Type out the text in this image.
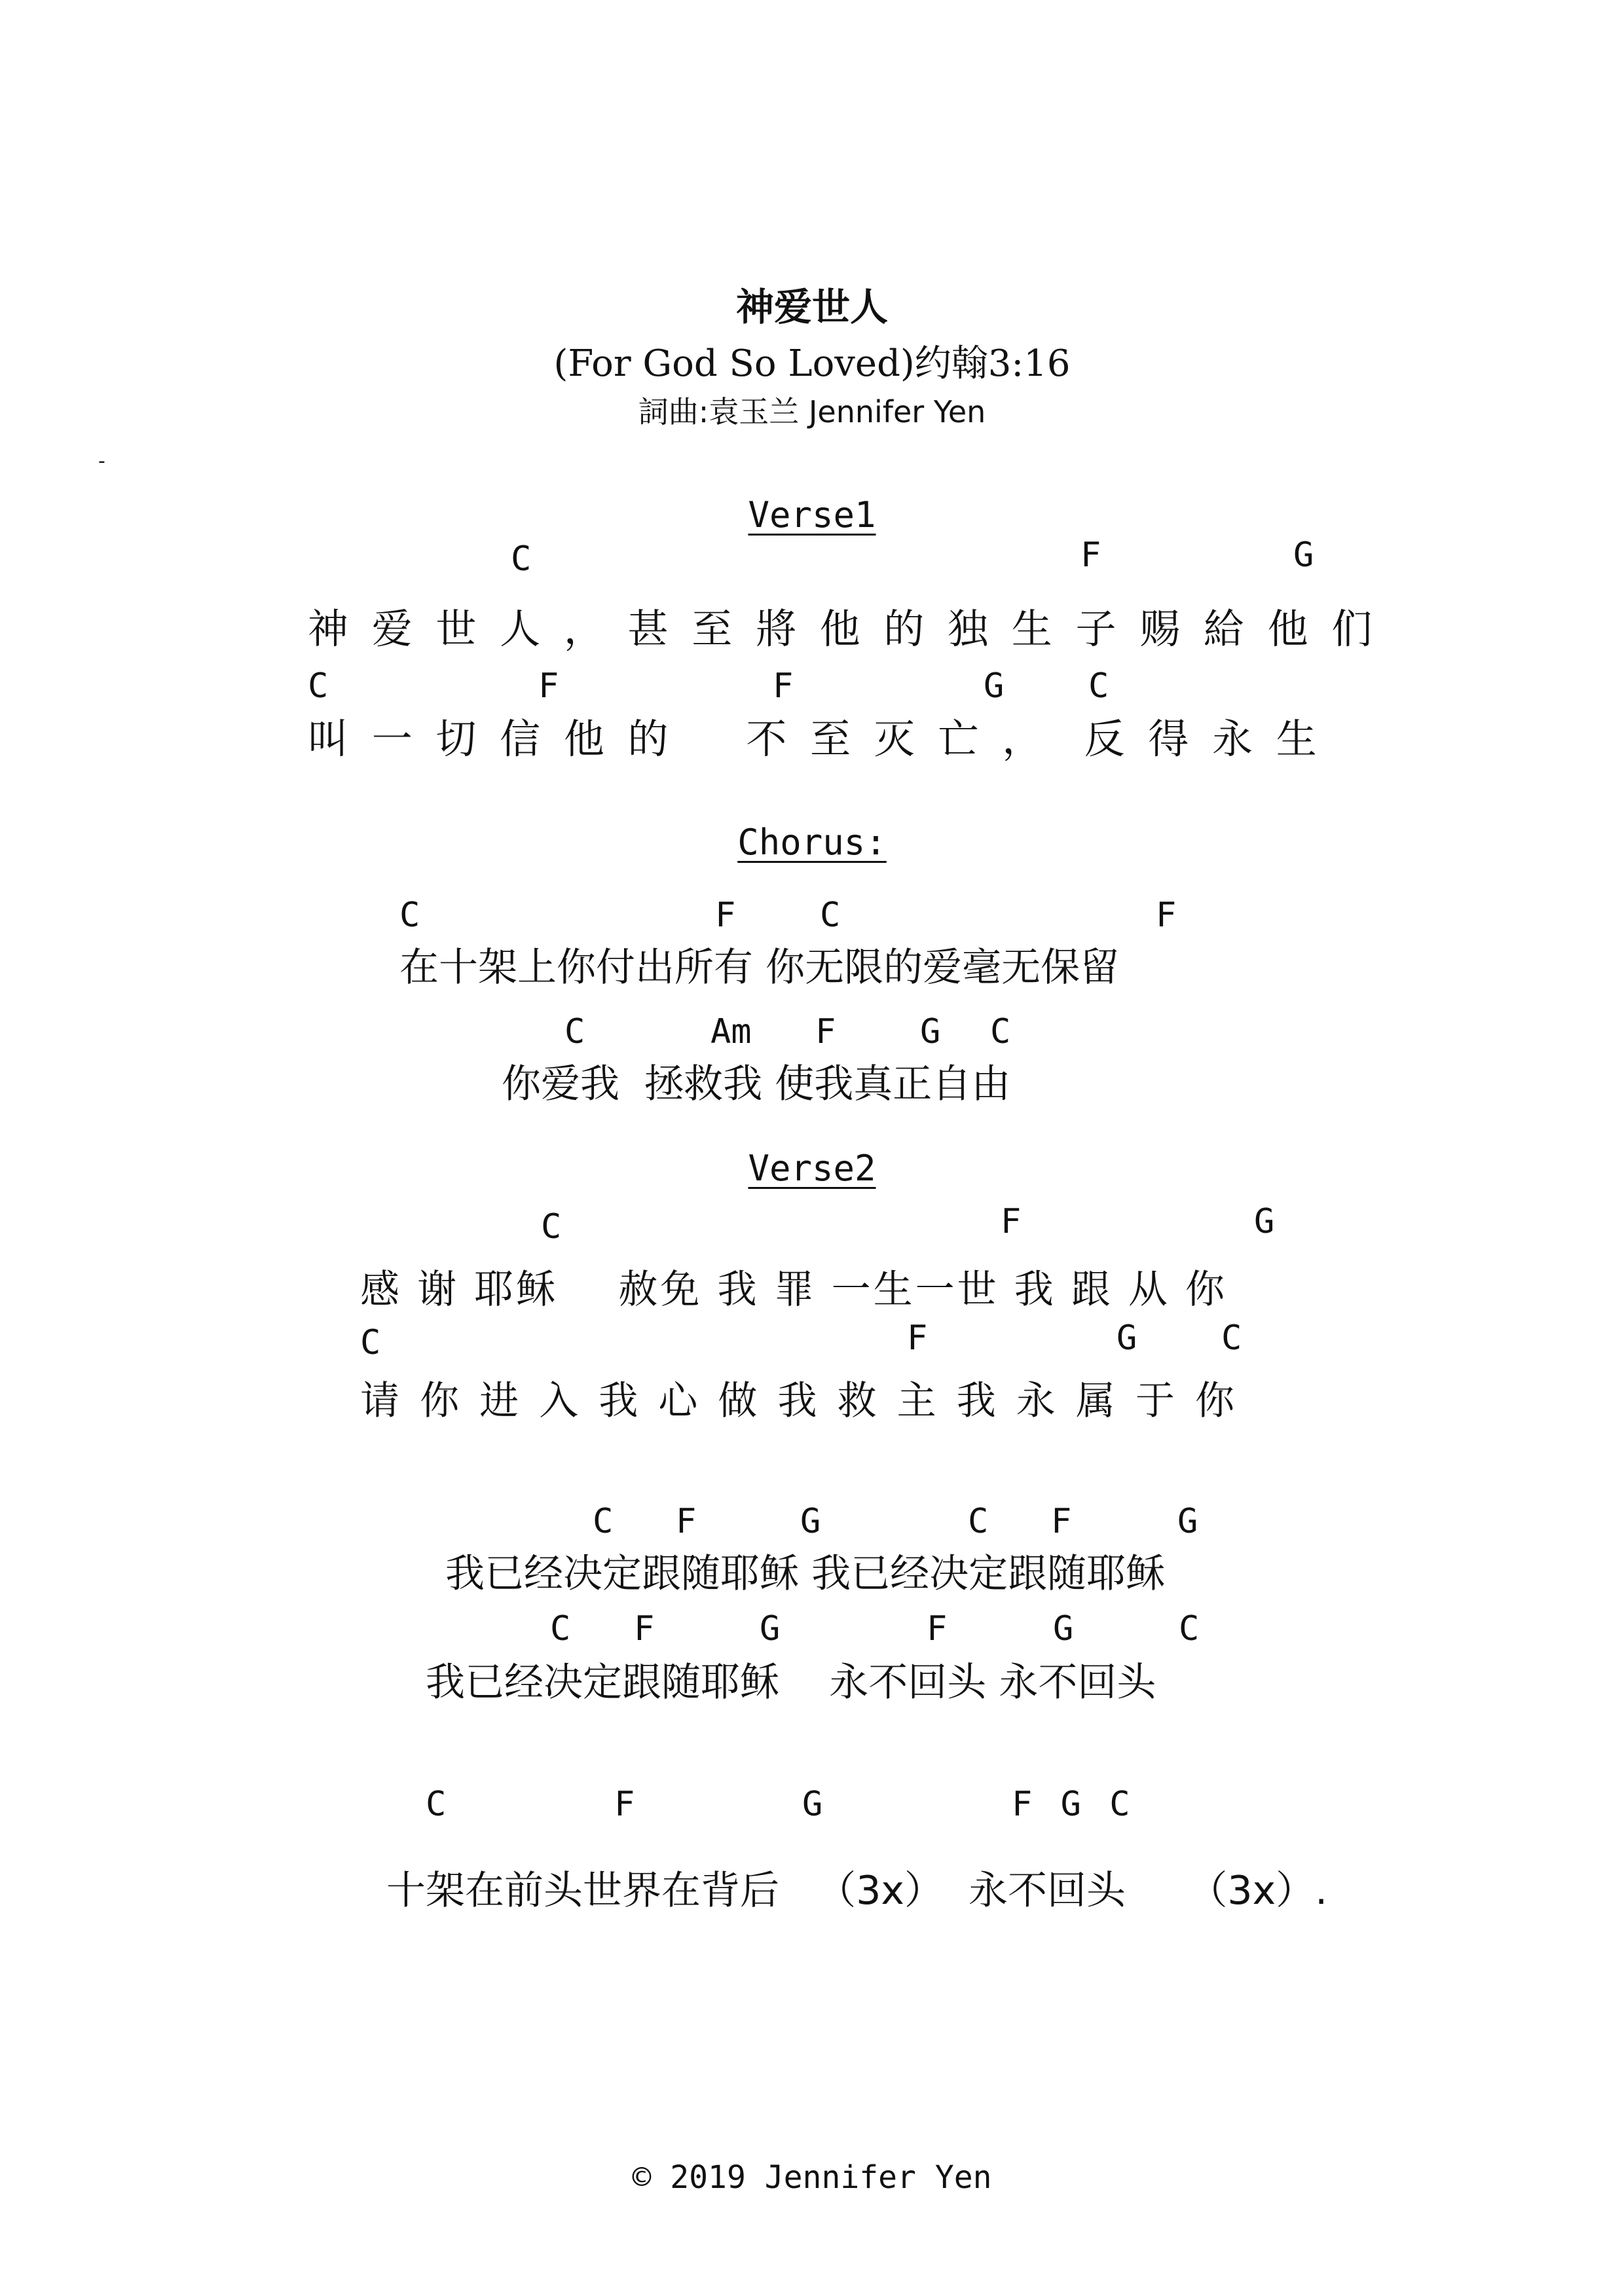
神爱世人
(For God So Loved)约翰3:16
詞曲:袁玉兰 Jennifer Yen
-
Verse1
C	F	G
神 爱 世 人 ， 甚 至 將 他 的 独 生 子 赐 給 他 们
C	F	F	G C
叫 一 切 信 他 的    不 至 灭 亡 ，  反 得 永 生
Chorus:
C	F C	F
在十架上你付出所有 你无限的爱毫无保留
C	Am F G C
你爱我  拯救我 使我真正自由
Verse2
C	F	G
感 谢 耶稣    赦免 我 罪 一生一世 我 跟 从 你
C	F	G C
请 你 进 入 我 心 做 我 救 主 我 永 属 于 你
C F	G	C F	G
我已经决定跟随耶稣 我已经决定跟随耶稣
C F	G	F	G	C
我已经决定跟随耶稣    永不回头 永不回头
C	F	G	F G C
十架在前头世界在背后   （3x）  永不回头     （3x）.
© 2019 Jennifer Yen
